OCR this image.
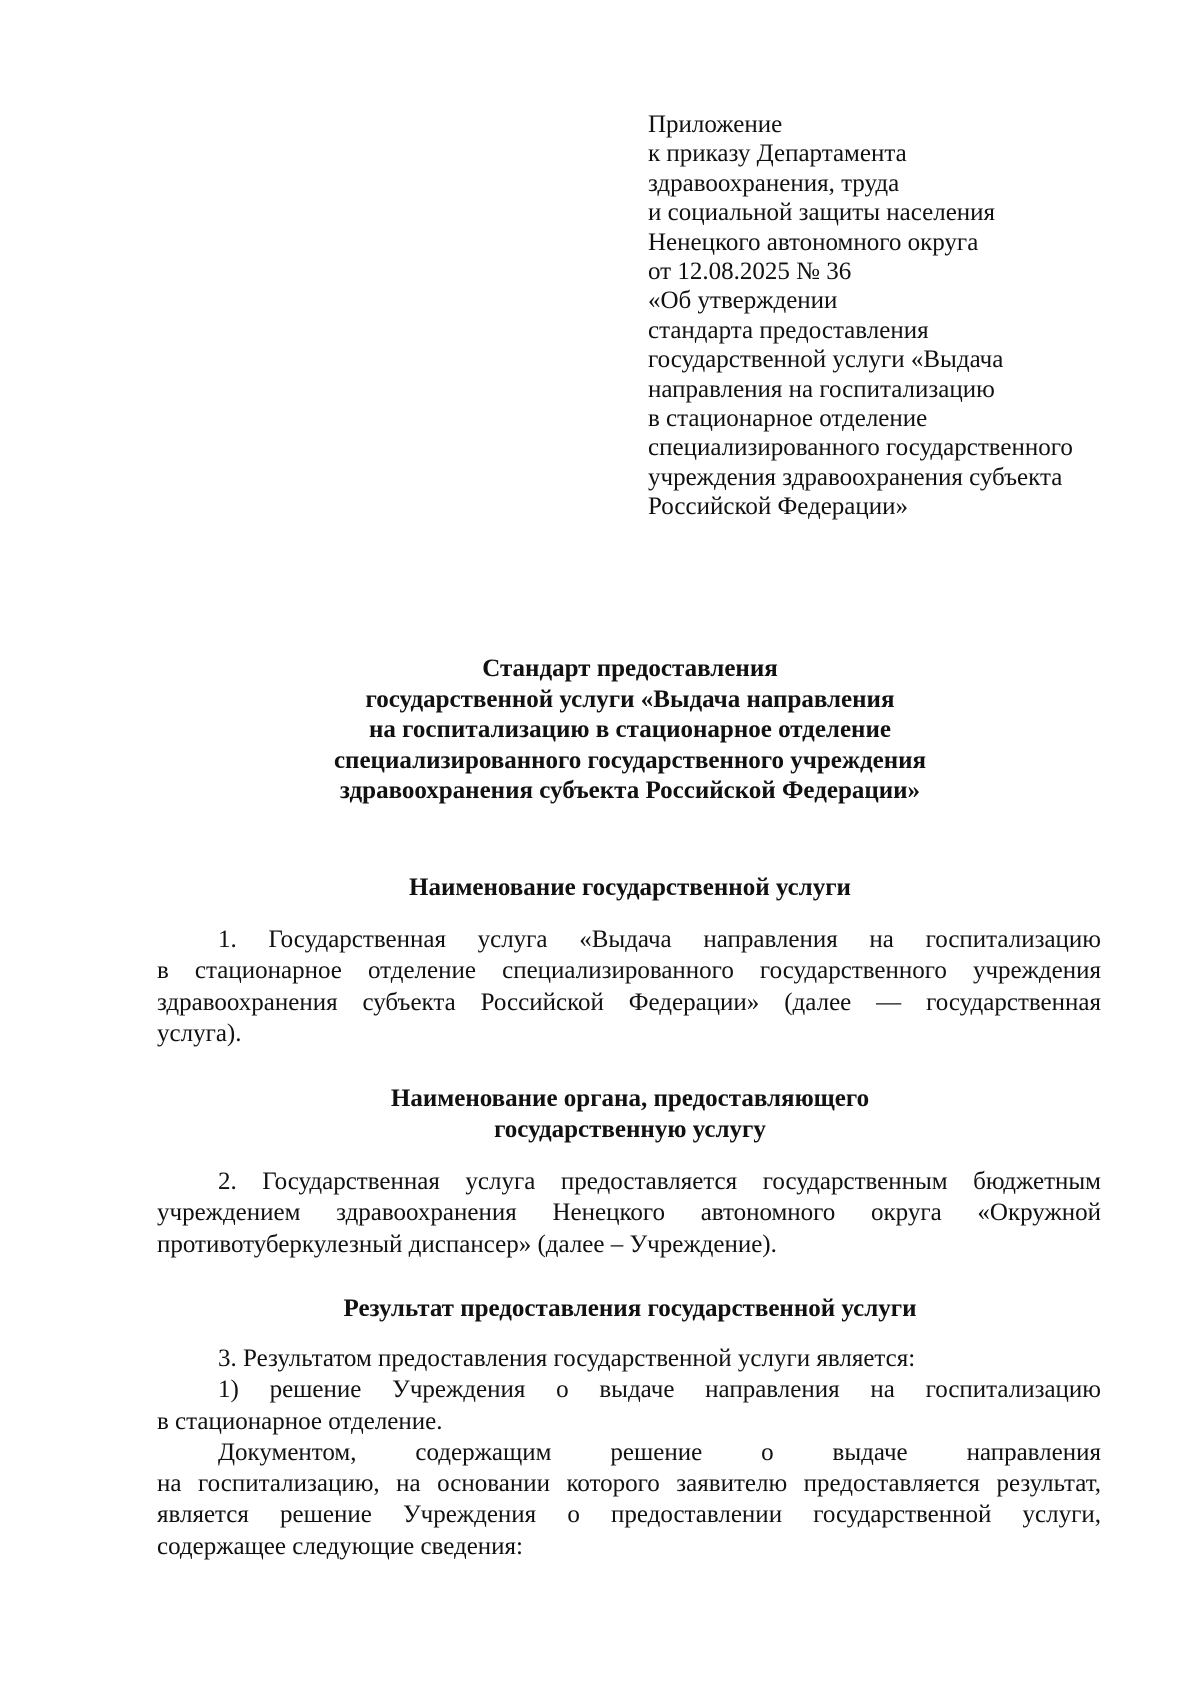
Приложение
к приказу Департамента
здравоохранения, труда
и социальной защиты населения
Ненецкого автономного округа
от 12.08.2025 № 36
«Об утверждении
стандарта предоставления
государственной услуги «Выдача
направления на госпитализацию
в стационарное отделение
специализированного государственного
учреждения здравоохранения субъекта
Российской Федерации»
Стандарт предоставления
государственной услуги «Выдача направления
на госпитализацию в стационарное отделение
специализированного государственного учреждения
здравоохранения субъекта Российской Федерации»
Наименование государственной услуги
1. Государственная услуга «Выдача направления на госпитализацию
в стационарное отделение специализированного государственного учреждения
здравоохранения субъекта Российской Федерации» (далее — государственная
услуга).
Наименование органа, предоставляющего
государственную услугу
2. Государственная услуга предоставляется государственным бюджетным
учреждением здравоохранения Ненецкого автономного округа «Окружной
противотуберкулезный диспансер» (далее – Учреждение).
Результат предоставления государственной услуги
3. Результатом предоставления государственной услуги является:
1) решение Учреждения о выдаче направления на госпитализацию
в стационарное отделение.
Документом, содержащим решение о выдаче направления
на госпитализацию, на основании которого заявителю предоставляется результат,
является решение Учреждения о предоставлении государственной услуги,
содержащее следующие сведения:
